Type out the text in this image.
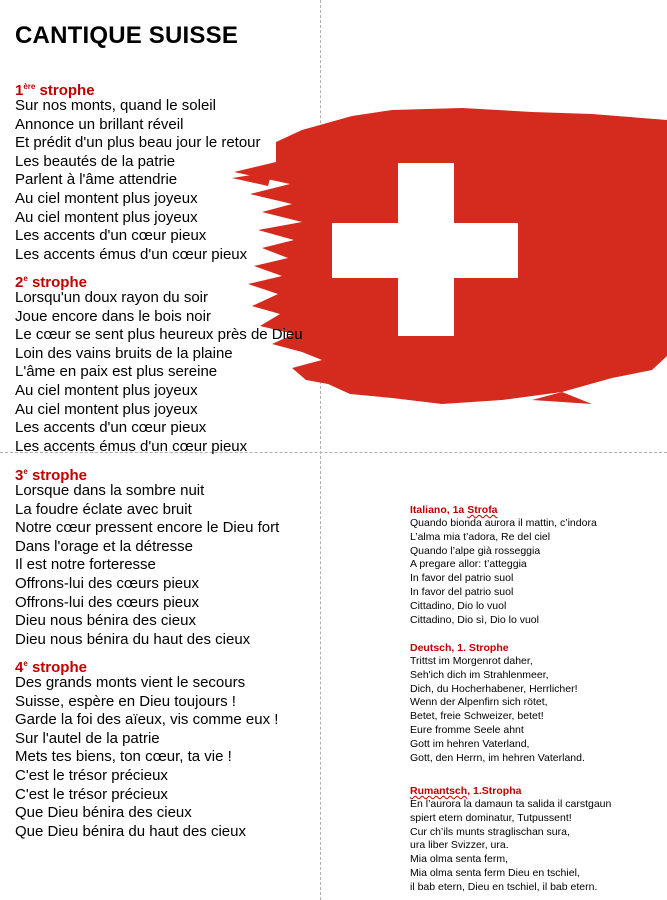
CANTIQUE SUISSE
1ère strophe
Sur nos monts, quand le soleil
Annonce un brillant réveil
Et prédit d'un plus beau jour le retour
Les beautés de la patrie
Parlent à l'âme attendrie
Au ciel montent plus joyeux
Au ciel montent plus joyeux
Les accents d'un cœur pieux
Les accents émus d'un cœur pieux
2e strophe
Lorsqu'un doux rayon du soir
Joue encore dans le bois noir
Le cœur se sent plus heureux près de Dieu
Loin des vains bruits de la plaine
L'âme en paix est plus sereine
Au ciel montent plus joyeux
Au ciel montent plus joyeux
Les accents d'un cœur pieux
Les accents émus d'un cœur pieux
3e strophe
Lorsque dans la sombre nuit
La foudre éclate avec bruit
Notre cœur pressent encore le Dieu fort
Dans l'orage et la détresse
Il est notre forteresse
Offrons-lui des cœurs pieux
Offrons-lui des cœurs pieux
Dieu nous bénira des cieux
Dieu nous bénira du haut des cieux
4e strophe
Des grands monts vient le secours
Suisse, espère en Dieu toujours !
Garde la foi des aïeux, vis comme eux !
Sur l'autel de la patrie
Mets tes biens, ton cœur, ta vie !
C'est le trésor précieux
C'est le trésor précieux
Que Dieu bénira des cieux
Que Dieu bénira du haut des cieux
Italiano, 1a Strofa
Quando bionda aurora il mattin, c’indora
L’alma mia t’adora, Re del ciel
Quando l’alpe già rosseggia
A pregare allor: t’atteggia
In favor del patrio suol
In favor del patrio suol
Cittadino, Dio lo vuol
Cittadino, Dio sì, Dio lo vuol
Deutsch, 1. Strophe
Trittst im Morgenrot daher,
Seh'ich dich im Strahlenmeer,
Dich, du Hocherhabener, Herrlicher!
Wenn der Alpenfirn sich rötet,
Betet, freie Schweizer, betet!
Eure fromme Seele ahnt
Gott im hehren Vaterland,
Gott, den Herrn, im hehren Vaterland.
Rumantsch, 1.Strophа
En l’aurora la damaun ta salida il carstgaun
spiert etern dominatur, Tutpussent!
Cur ch’ils munts straglischan sura,
ura liber Svizzer, ura.
Mia olma senta ferm,
Mia olma senta ferm Dieu en tschiel,
il bab etern, Dieu en tschiel, il bab etern.
